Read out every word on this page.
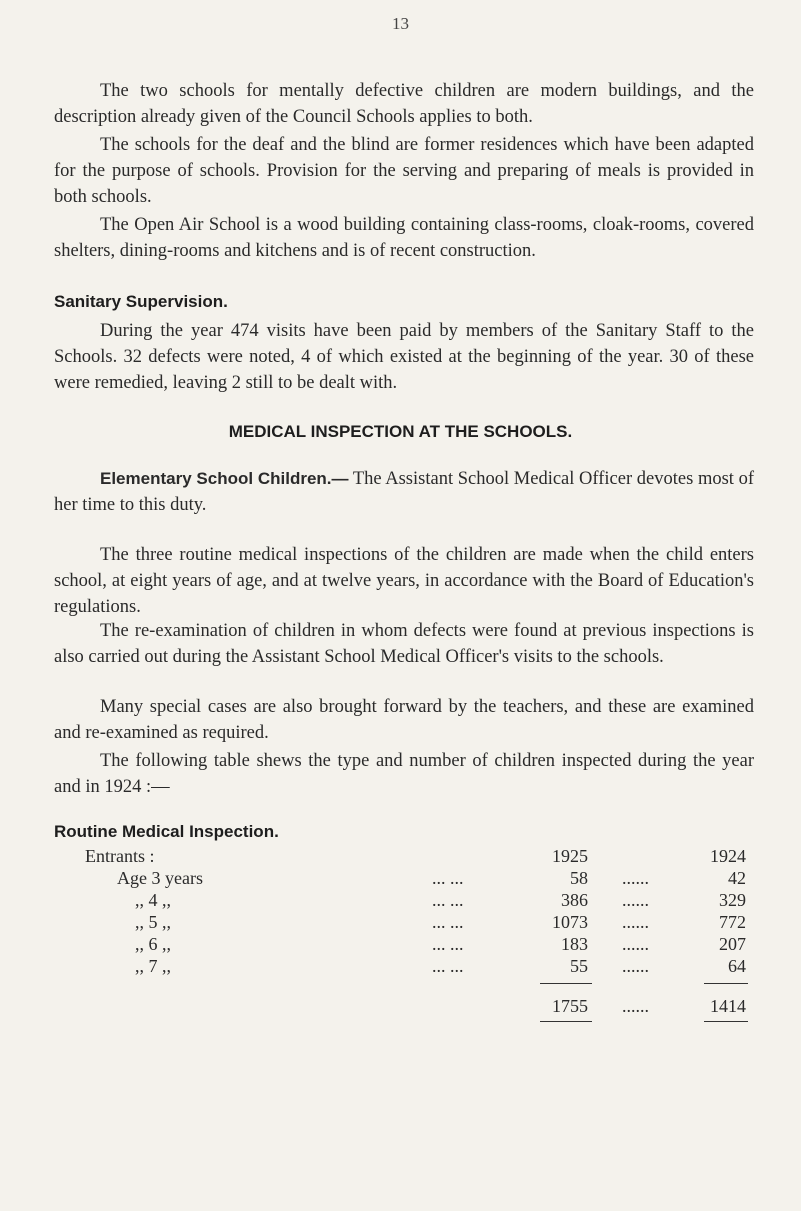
13

The two schools for mentally defective children are modern buildings, and the description already given of the Council Schools applies to both.

The schools for the deaf and the blind are former residences which have been adapted for the purpose of schools. Provision for the serving and preparing of meals is provided in both schools.

The Open Air School is a wood building containing class-rooms, cloak-rooms, covered shelters, dining-rooms and kitchens and is of recent construction.

Sanitary Supervision.

During the year 474 visits have been paid by members of the Sanitary Staff to the Schools. 32 defects were noted, 4 of which existed at the beginning of the year. 30 of these were remedied, leaving 2 still to be dealt with.

MEDICAL INSPECTION AT THE SCHOOLS.

Elementary School Children.— The Assistant School Medical Officer devotes most of her time to this duty.

The three routine medical inspections of the children are made when the child enters school, at eight years of age, and at twelve years, in accordance with the Board of Education's regulations.

The re-examination of children in whom defects were found at previous inspections is also carried out during the Assistant School Medical Officer's visits to the schools.

Many special cases are also brought forward by the teachers, and these are examined and re-examined as required.

The following table shews the type and number of children inspected during the year and in 1924 :—

Routine Medical Inspection.
Entrants :	1925	1924
Age 3 years	... ...	58 ......	42
,, 4 ,,	... ...	386 ......	329
,, 5 ,,	... ...	1073 ......	772
,, 6 ,,	... ...	183 ......	207
,, 7 ,,	... ...	55 ......	64
1755 ......	1414
